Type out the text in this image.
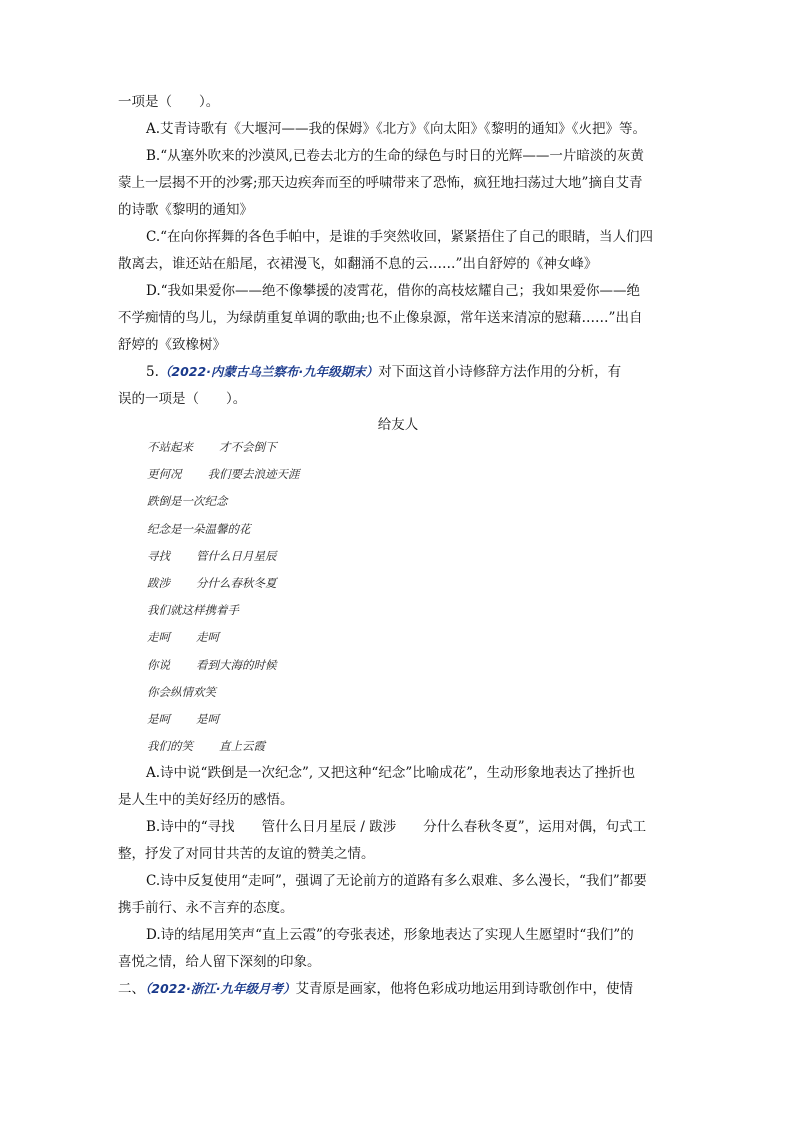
一项是（　　）。
A.艾青诗歌有《大堰河——我的保姆》《北方》《向太阳》《黎明的通知》《火把》等。
B.“从塞外吹来的沙漠风,已卷去北方的生命的绿色与时日的光辉——一片暗淡的灰黄
蒙上一层揭不开的沙雾;那天边疾奔而至的呼啸带来了恐怖，疯狂地扫荡过大地”摘自艾青
的诗歌《黎明的通知》
C.“在向你挥舞的各色手帕中，是谁的手突然收回，紧紧捂住了自己的眼睛，当人们四
散离去，谁还站在船尾，衣裙漫飞，如翻涌不息的云……”出自舒婷的《神女峰》
D.“我如果爱你——绝不像攀援的凌霄花，借你的高枝炫耀自己；我如果爱你——绝
不学痴情的鸟儿，为绿荫重复单调的歌曲;也不止像泉源，常年送来清凉的慰藉……”出自
舒婷的《致橡树》
5.（2022·内蒙古乌兰察布·九年级期末）对下面这首小诗修辞方法作用的分析，有
误的一项是（　　）。
给友人
不站起来 才不会倒下
更何况 我们要去浪迹天涯
跌倒是一次纪念
纪念是一朵温馨的花
寻找 管什么日月星辰
跋涉 分什么春秋冬夏
我们就这样携着手
走呵 走呵
你说 看到大海的时候
你会纵情欢笑
是呵 是呵
我们的笑 直上云霞
A.诗中说“跌倒是一次纪念”, 又把这种“纪念”比喻成花”，生动形象地表达了挫折也
是人生中的美好经历的感悟。
B.诗中的“寻找　　管什么日月星辰 / 跋涉　　分什么春秋冬夏”，运用对偶，句式工
整，抒发了对同甘共苦的友谊的赞美之情。
C.诗中反复使用“走呵”，强调了无论前方的道路有多么艰难、多么漫长，“我们”都要
携手前行、永不言弃的态度。
D.诗的结尾用笑声“直上云霞”的夸张表述，形象地表达了实现人生愿望时“我们”的
喜悦之情，给人留下深刻的印象。
二、（2022·浙江·九年级月考）艾青原是画家，他将色彩成功地运用到诗歌创作中，使情
